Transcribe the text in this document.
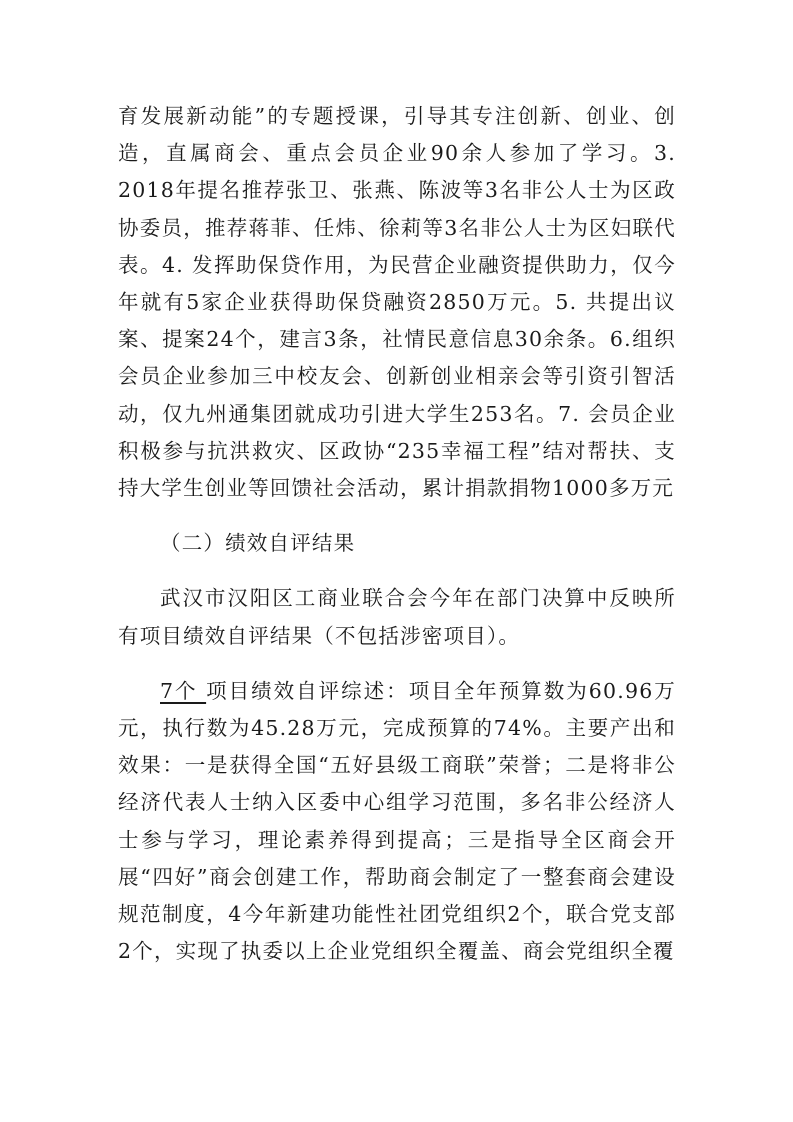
育发展新动能”的专题授课，引导其专注创新、创业、创造，直属商会、重点会员企业90余人参加了学习。3. 2018年提名推荐张卫、张燕、陈波等3名非公人士为区政协委员，推荐蒋菲、任炜、徐莉等3名非公人士为区妇联代表。4. 发挥助保贷作用，为民营企业融资提供助力，仅今年就有5家企业获得助保贷融资2850万元。5. 共提出议案、提案24个，建言3条，社情民意信息30余条。6.组织会员企业参加三中校友会、创新创业相亲会等引资引智活动，仅九州通集团就成功引进大学生253名。7. 会员企业积极参与抗洪救灾、区政协“235幸福工程”结对帮扶、支持大学生创业等回馈社会活动，累计捐款捐物1000多万元

（二）绩效自评结果

武汉市汉阳区工商业联合会今年在部门决算中反映所有项目绩效自评结果（不包括涉密项目）。

7个 项目绩效自评综述：项目全年预算数为60.96万元，执行数为45.28万元，完成预算的74%。主要产出和效果：一是获得全国“五好县级工商联”荣誉；二是将非公经济代表人士纳入区委中心组学习范围，多名非公经济人士参与学习，理论素养得到提高；三是指导全区商会开展“四好”商会创建工作，帮助商会制定了一整套商会建设规范制度，4今年新建功能性社团党组织2个，联合党支部2个，实现了执委以上企业党组织全覆盖、商会党组织全覆
